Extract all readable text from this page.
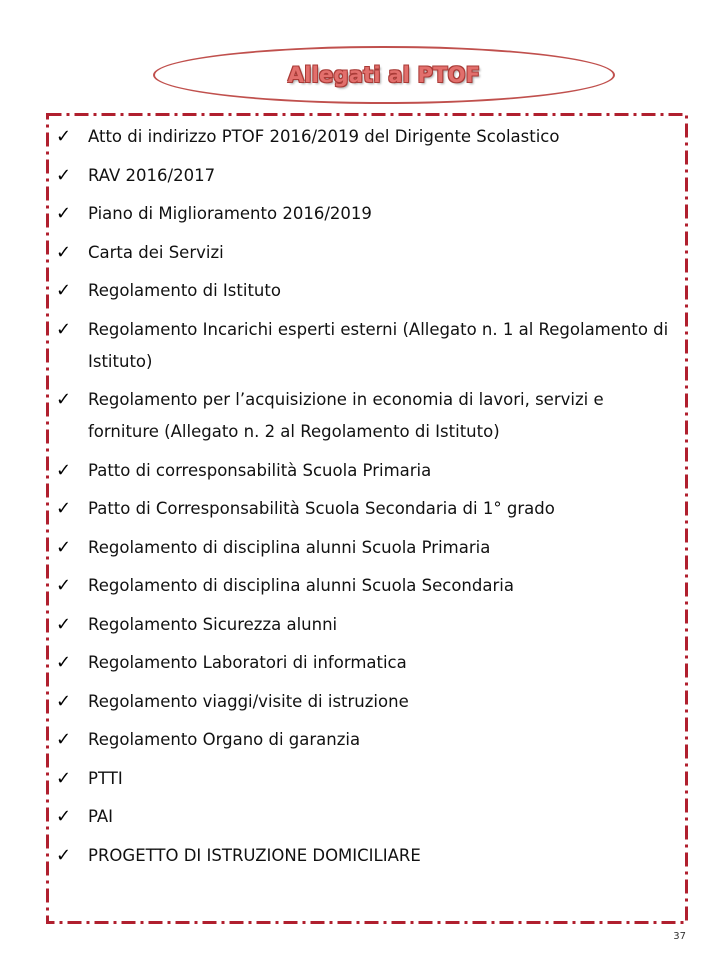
Allegati al PTOF
✓	Atto di indirizzo PTOF 2016/2019 del Dirigente Scolastico
✓	RAV 2016/2017
✓	Piano di Miglioramento 2016/2019
✓	Carta dei Servizi
✓	Regolamento di Istituto
✓	Regolamento Incarichi esperti esterni (Allegato n. 1 al Regolamento di Istituto)
✓	Regolamento per l’acquisizione in economia di lavori, servizi e forniture (Allegato n. 2 al Regolamento di Istituto)
✓	Patto di corresponsabilità Scuola Primaria
✓	Patto di Corresponsabilità Scuola Secondaria di 1° grado
✓	Regolamento di disciplina alunni Scuola Primaria
✓	Regolamento di disciplina alunni Scuola Secondaria
✓	Regolamento Sicurezza alunni
✓	Regolamento Laboratori di informatica
✓	Regolamento viaggi/visite di istruzione
✓	Regolamento Organo di garanzia
✓	PTTI
✓	PAI
✓	PROGETTO DI ISTRUZIONE DOMICILIARE
37
